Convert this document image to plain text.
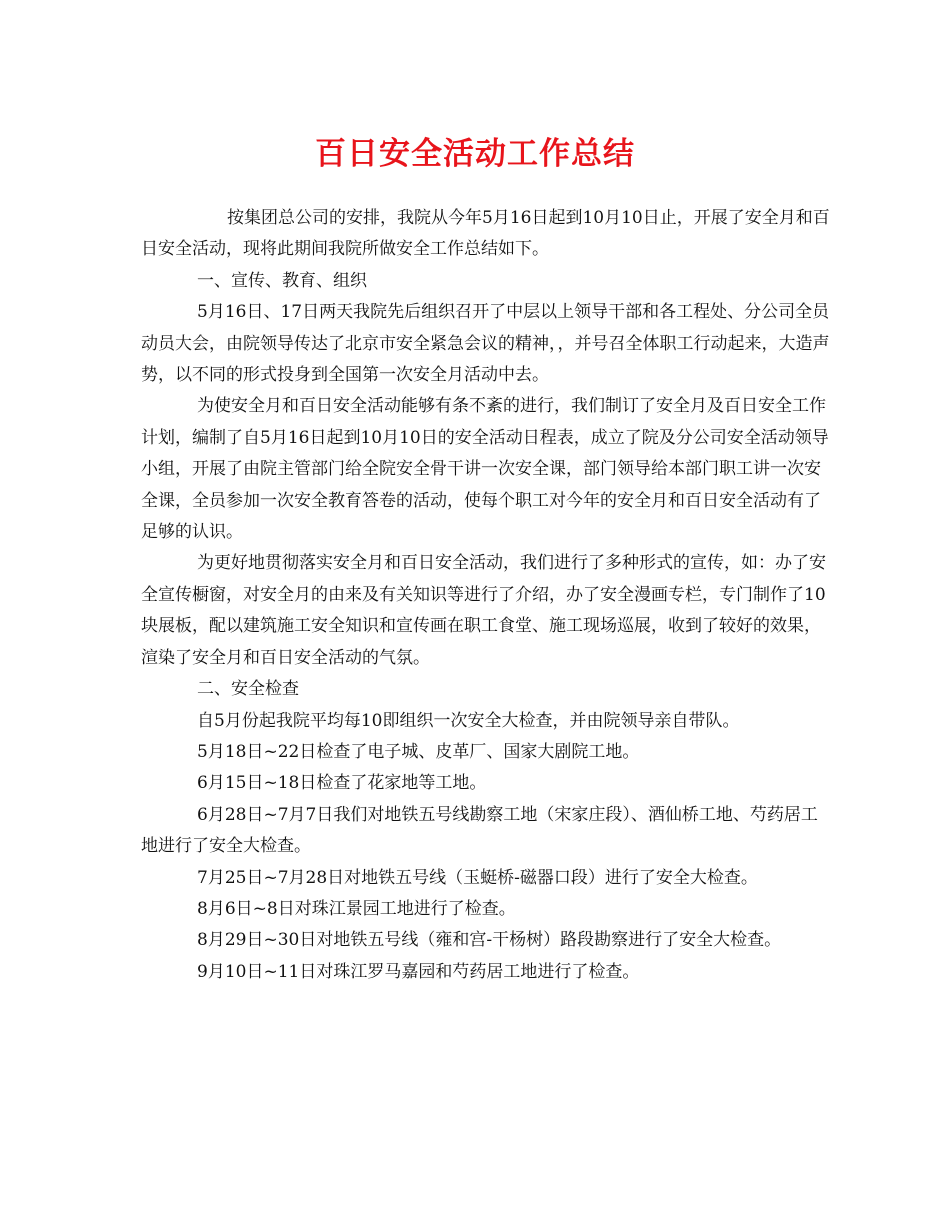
百日安全活动工作总结

按集团总公司的安排，我院从今年5月16日起到10月10日止，开展了安全月和百日安全活动，现将此期间我院所做安全工作总结如下。

一、宣传、教育、组织

5月16日、17日两天我院先后组织召开了中层以上领导干部和各工程处、分公司全员动员大会，由院领导传达了北京市安全紧急会议的精神，，并号召全体职工行动起来，大造声势，以不同的形式投身到全国第一次安全月活动中去。

为使安全月和百日安全活动能够有条不紊的进行，我们制订了安全月及百日安全工作计划，编制了自5月16日起到10月10日的安全活动日程表，成立了院及分公司安全活动领导小组，开展了由院主管部门给全院安全骨干讲一次安全课，部门领导给本部门职工讲一次安全课，全员参加一次安全教育答卷的活动，使每个职工对今年的安全月和百日安全活动有了足够的认识。

为更好地贯彻落实安全月和百日安全活动，我们进行了多种形式的宣传，如：办了安全宣传橱窗，对安全月的由来及有关知识等进行了介绍，办了安全漫画专栏，专门制作了10块展板，配以建筑施工安全知识和宣传画在职工食堂、施工现场巡展，收到了较好的效果，渲染了安全月和百日安全活动的气氛。

二、安全检查

自5月份起我院平均每10即组织一次安全大检查，并由院领导亲自带队。

5月18日~22日检查了电子城、皮革厂、国家大剧院工地。

6月15日~18日检查了花家地等工地。

6月28日~7月7日我们对地铁五号线勘察工地（宋家庄段）、酒仙桥工地、芍药居工地进行了安全大检查。

7月25日~7月28日对地铁五号线（玉蜓桥-磁器口段）进行了安全大检查。

8月6日~8日对珠江景园工地进行了检查。

8月29日~30日对地铁五号线（雍和宫-干杨树）路段勘察进行了安全大检查。

9月10日~11日对珠江罗马嘉园和芍药居工地进行了检查。
